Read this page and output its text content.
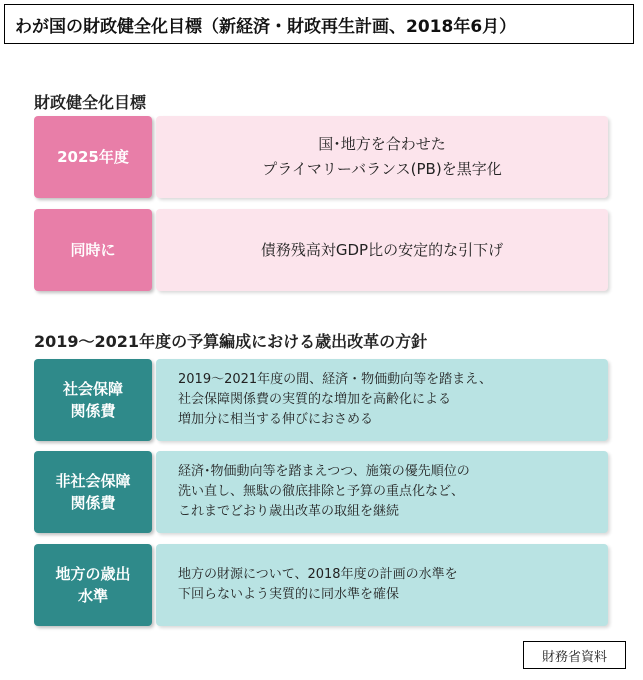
わが国の財政健全化目標（新経済・財政再生計画、2018年6月）
財政健全化目標
2025年度
国･地方を合わせた
プライマリーバランス(PB)を黒字化
同時に	債務残高対GDP比の安定的な引下げ
2019～2021年度の予算編成における歳出改革の方針
社会保障
関係費
2019～2021年度の間、経済・物価動向等を踏まえ、
社会保障関係費の実質的な増加を高齢化による
増加分に相当する伸びにおさめる
非社会保障
関係費
経済･物価動向等を踏まえつつ、施策の優先順位の
洗い直し、無駄の徹底排除と予算の重点化など、
これまでどおり歳出改革の取組を継続
地方の歳出
水準
地方の財源について、2018年度の計画の水準を
下回らないよう実質的に同水準を確保
財務省資料
